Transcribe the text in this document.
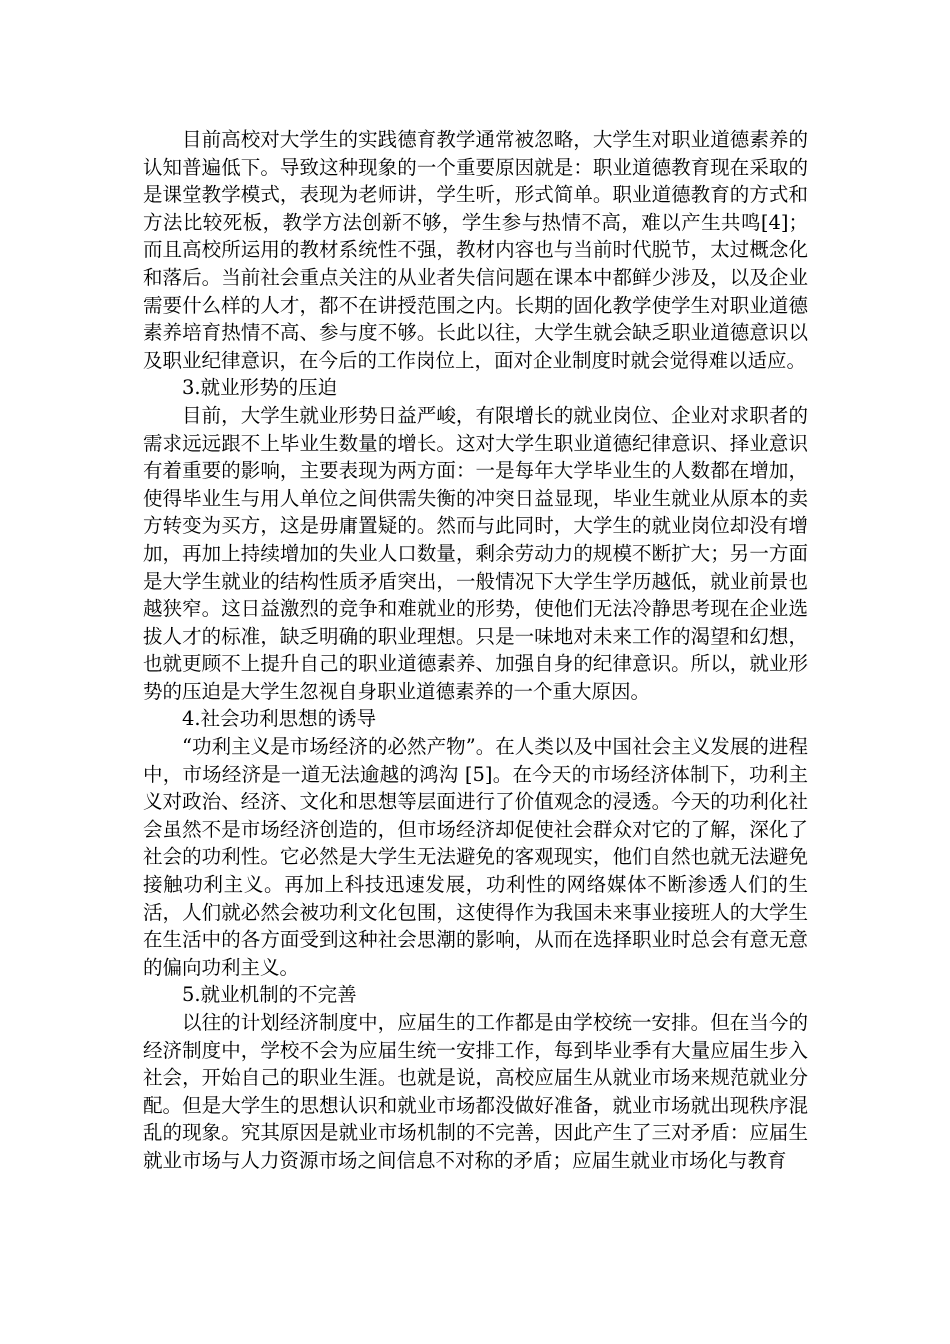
目前高校对大学生的实践德育教学通常被忽略，大学生对职业道德素养的认知普遍低下。导致这种现象的一个重要原因就是：职业道德教育现在采取的是课堂教学模式，表现为老师讲，学生听，形式简单。职业道德教育的方式和方法比较死板，教学方法创新不够，学生参与热情不高，难以产生共鸣[4]；而且高校所运用的教材系统性不强，教材内容也与当前时代脱节，太过概念化和落后。当前社会重点关注的从业者失信问题在课本中都鲜少涉及，以及企业需要什么样的人才，都不在讲授范围之内。长期的固化教学使学生对职业道德素养培育热情不高、参与度不够。长此以往，大学生就会缺乏职业道德意识以及职业纪律意识，在今后的工作岗位上，面对企业制度时就会觉得难以适应。

3.就业形势的压迫

目前，大学生就业形势日益严峻，有限增长的就业岗位、企业对求职者的需求远远跟不上毕业生数量的增长。这对大学生职业道德纪律意识、择业意识有着重要的影响，主要表现为两方面：一是每年大学毕业生的人数都在增加，使得毕业生与用人单位之间供需失衡的冲突日益显现，毕业生就业从原本的卖方转变为买方，这是毋庸置疑的。然而与此同时，大学生的就业岗位却没有增加，再加上持续增加的失业人口数量，剩余劳动力的规模不断扩大；另一方面是大学生就业的结构性质矛盾突出，一般情况下大学生学历越低，就业前景也越狭窄。这日益激烈的竞争和难就业的形势，使他们无法冷静思考现在企业选拔人才的标准，缺乏明确的职业理想。只是一味地对未来工作的渴望和幻想，也就更顾不上提升自己的职业道德素养、加强自身的纪律意识。所以，就业形势的压迫是大学生忽视自身职业道德素养的一个重大原因。

4.社会功利思想的诱导

“功利主义是市场经济的必然产物”。在人类以及中国社会主义发展的进程中，市场经济是一道无法逾越的鸿沟 [5]。在今天的市场经济体制下，功利主义对政治、经济、文化和思想等层面进行了价值观念的浸透。今天的功利化社会虽然不是市场经济创造的，但市场经济却促使社会群众对它的了解，深化了社会的功利性。它必然是大学生无法避免的客观现实，他们自然也就无法避免接触功利主义。再加上科技迅速发展，功利性的网络媒体不断渗透人们的生活，人们就必然会被功利文化包围，这使得作为我国未来事业接班人的大学生在生活中的各方面受到这种社会思潮的影响，从而在选择职业时总会有意无意的偏向功利主义。

5.就业机制的不完善

以往的计划经济制度中，应届生的工作都是由学校统一安排。但在当今的经济制度中，学校不会为应届生统一安排工作，每到毕业季有大量应届生步入社会，开始自己的职业生涯。也就是说，高校应届生从就业市场来规范就业分配。但是大学生的思想认识和就业市场都没做好准备，就业市场就出现秩序混乱的现象。究其原因是就业市场机制的不完善，因此产生了三对矛盾：应届生就业市场与人力资源市场之间信息不对称的矛盾；应届生就业市场化与教育
